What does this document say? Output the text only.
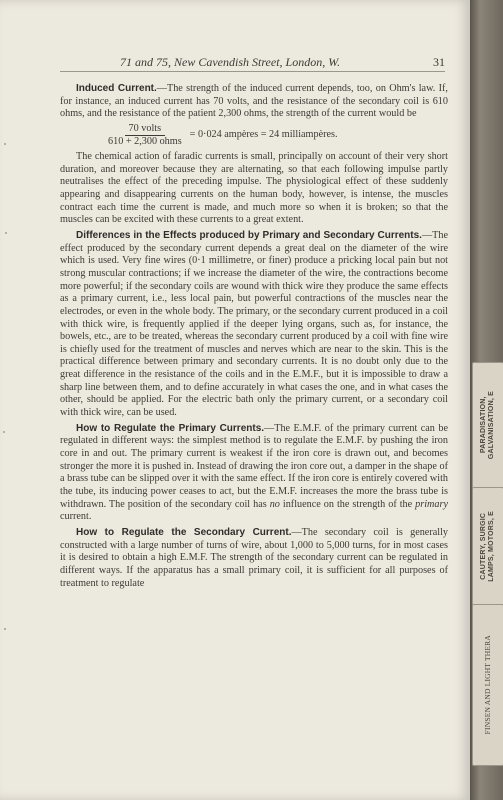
71 and 75, New Cavendish Street, London, W.	31

Induced Current.—The strength of the induced current depends, too, on Ohm's law. If, for instance, an induced current has 70 volts, and the resistance of the secondary coil is 610 ohms, and the resistance of the patient 2,300 ohms, the strength of the current would be

$\frac{\text{70 volts}}{\text{610 + 2,300 ohms}} = 0\cdot 024$ ampères = 24 milliampères.

The chemical action of faradic currents is small, principally on account of their very short duration, and moreover because they are alternating, so that each following impulse partly neutralises the effect of the preceding impulse. The physiological effect of these suddenly appearing and disappearing currents on the human body, however, is intense, the muscles contract each time the current is made, and much more so when it is broken; so that the muscles can be excited with these currents to a great extent.

Differences in the Effects produced by Primary and Secondary Currents.—The effect produced by the secondary current depends a great deal on the diameter of the wire which is used. Very fine wires (0·1 millimetre, or finer) produce a pricking local pain but not strong muscular contractions; if we increase the diameter of the wire, the contractions become more powerful; if the secondary coils are wound with thick wire they produce the same effects as a primary current, i.e., less local pain, but powerful contractions of the muscles near the electrodes, or even in the whole body. The primary, or the secondary current produced in a coil with thick wire, is frequently applied if the deeper lying organs, such as, for instance, the bowels, etc., are to be treated, whereas the secondary current produced by a coil with fine wire is chiefly used for the treatment of muscles and nerves which are near to the skin. This is the practical difference between primary and secondary currents. It is no doubt only due to the great difference in the resistance of the coils and in the E.M.F., but it is impossible to draw a sharp line between them, and to define accurately in what cases the one, and in what cases the other, should be applied. For the electric bath only the primary current, or a secondary coil with thick wire, can be used.

How to Regulate the Primary Currents.—The E.M.F. of the primary current can be regulated in different ways: the simplest method is to regulate the E.M.F. by pushing the iron core in and out. The primary current is weakest if the iron core is drawn out, and becomes stronger the more it is pushed in. Instead of drawing the iron core out, a damper in the shape of a brass tube can be slipped over it with the same effect. If the iron core is entirely covered with the tube, its inducing power ceases to act, but the E.M.F. increases the more the brass tube is withdrawn. The position of the secondary coil has no influence on the strength of the primary current.

How to Regulate the Secondary Current.—The secondary coil is generally constructed with a large number of turns of wire, about 1,000 to 5,000 turns, for in most cases it is desired to obtain a high E.M.F. The strength of the secondary current can be regulated in different ways. If the apparatus has a small primary coil, it is sufficient for all purposes of treatment to regulate

PARADISATION,
GALVANISATION, E
CAUTERY, SURGIC
LAMPS, MOTORS, E
FINSEN AND LIGHT THERA
